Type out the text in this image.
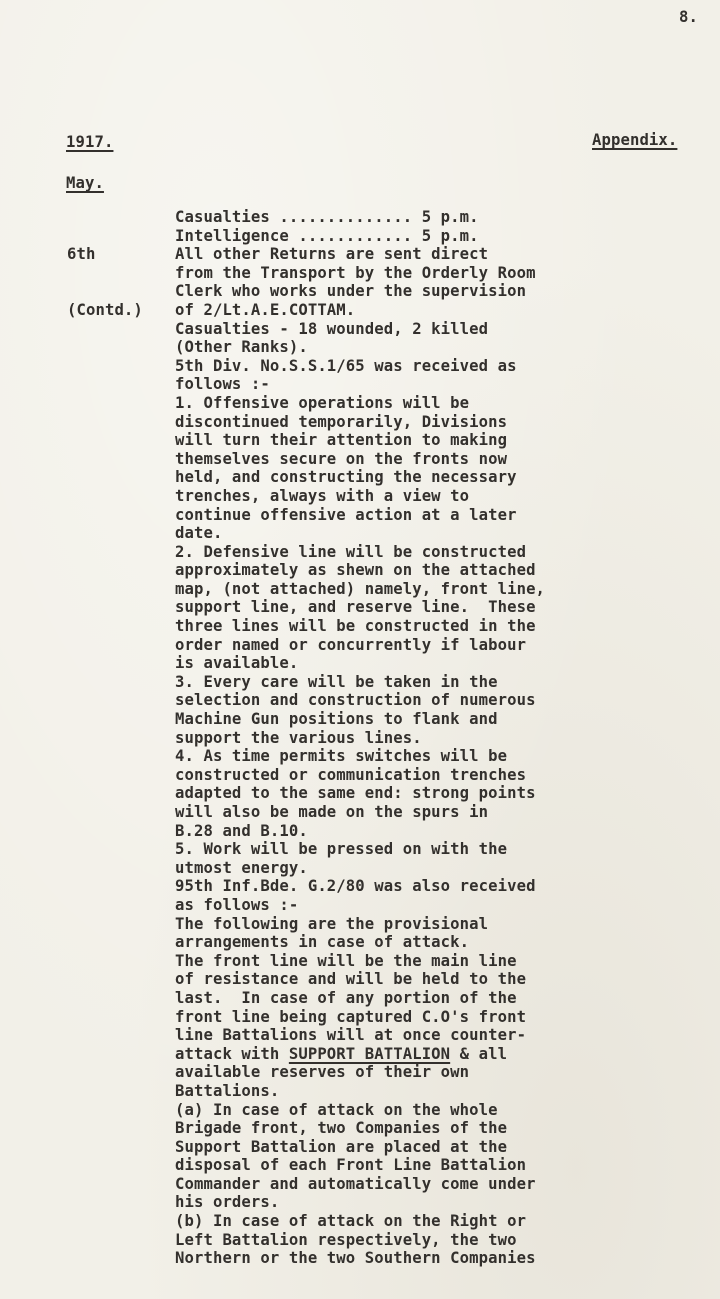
8.
1917.	Appendix.
May.

6th

(Contd.)

Casualties .............. 5 p.m.
Intelligence ............ 5 p.m.
All other Returns are sent direct
from the Transport by the Orderly Room
Clerk who works under the supervision
of 2/Lt.A.E.COTTAM.
Casualties - 18 wounded, 2 killed
(Other Ranks).
5th Div. No.S.S.1/65 was received as
follows :-
1. Offensive operations will be
discontinued temporarily, Divisions
will turn their attention to making
themselves secure on the fronts now
held, and constructing the necessary
trenches, always with a view to
continue offensive action at a later
date.
2. Defensive line will be constructed
approximately as shewn on the attached
map, (not attached) namely, front line,
support line, and reserve line.  These
three lines will be constructed in the
order named or concurrently if labour
is available.
3. Every care will be taken in the
selection and construction of numerous
Machine Gun positions to flank and
support the various lines.
4. As time permits switches will be
constructed or communication trenches
adapted to the same end: strong points
will also be made on the spurs in
B.28 and B.10.
5. Work will be pressed on with the
utmost energy.
95th Inf.Bde. G.2/80 was also received
as follows :-
The following are the provisional
arrangements in case of attack.
The front line will be the main line
of resistance and will be held to the
last.  In case of any portion of the
front line being captured C.O's front
line Battalions will at once counter-
attack with SUPPORT BATTALION & all
available reserves of their own
Battalions.
(a) In case of attack on the whole
Brigade front, two Companies of the
Support Battalion are placed at the
disposal of each Front Line Battalion
Commander and automatically come under
his orders.
(b) In case of attack on the Right or
Left Battalion respectively, the two
Northern or the two Southern Companies
